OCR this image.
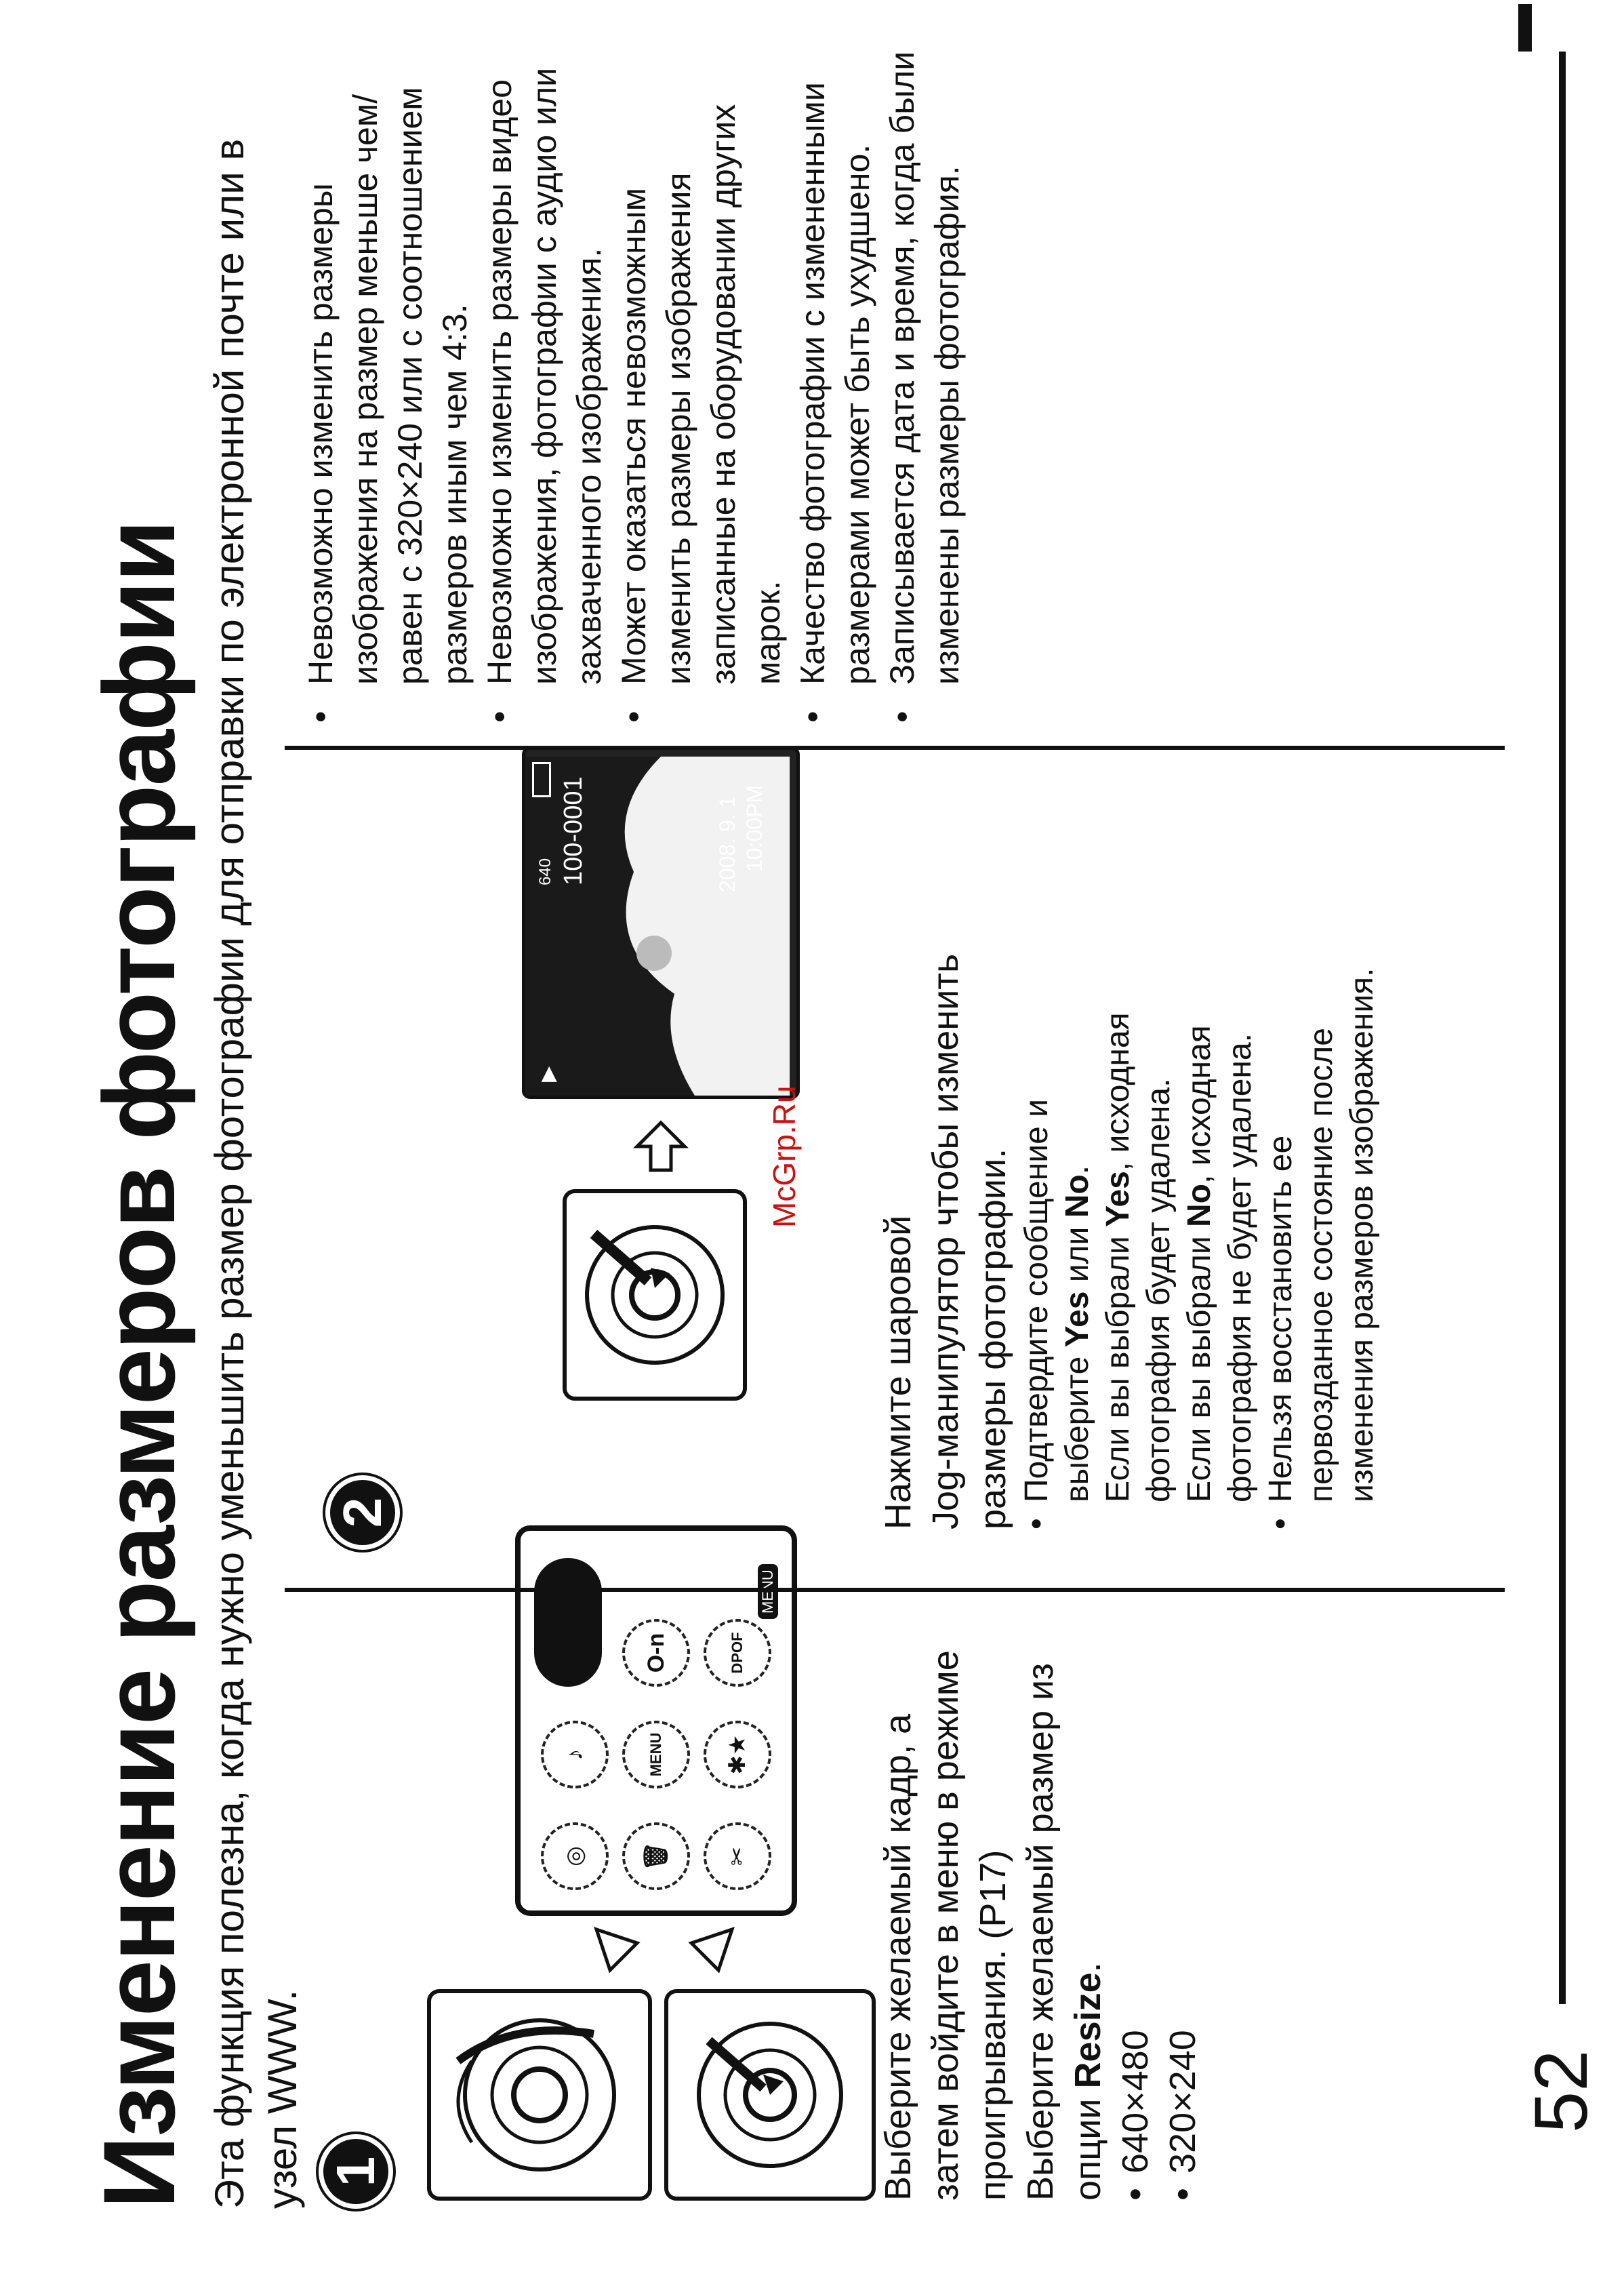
Изменение размеров фотографии Эта функция полезна, когда нужно уменьшить размер фотографии для отправки по электронной почте или в узел WWW. 1
◎
♪
🗑
MENU
O‑n
✂
✱★
DPOF
Выберите желаемый кадр, а затем войдите в меню в режиме проигрывания. (P17) Выберите желаемый размер из опции Resize.
• 640×480 • 320×240
2
▶
640 100-0001	2008. 9. 1 10:00PM
Нажмите шаровой Jog-манипулятор чтобы изменить размеры фотографии. • Подтвердите сообщение и выберите Yes или No.
Если вы выбрали Yes, исходная фотография будет удалена. Если вы выбрали No, исходная фотография не будет удалена. • Нельзя восстановить ее первозданное состояние после изменения размеров изображения.
• Невозможно изменить размеры изображения на размер меньше чем/равен с 320×240 или с соотношением размеров иным чем 4:3. • Невозможно изменить размеры видео изображения, фотографии с аудио или захваченного изображения. • Может оказаться невозможным изменить размеры изображения записанные на оборудовании других марок. • Качество фотографии с измененными размерами может быть ухудшено. • Записывается дата и время, когда были изменены размеры фотография.
McGrp.Ru
52
